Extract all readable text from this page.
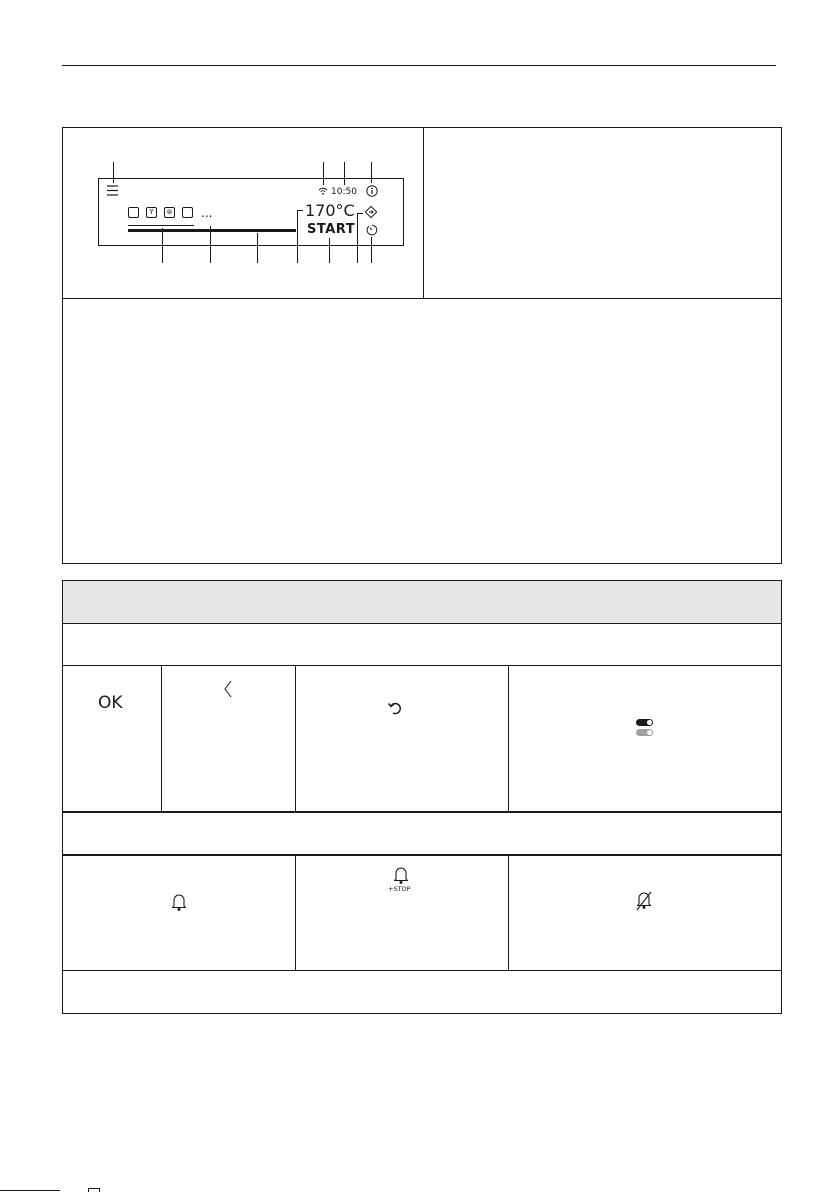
10:50
Ÿ	⊛ ...	170°C
START
OK
+STOP
